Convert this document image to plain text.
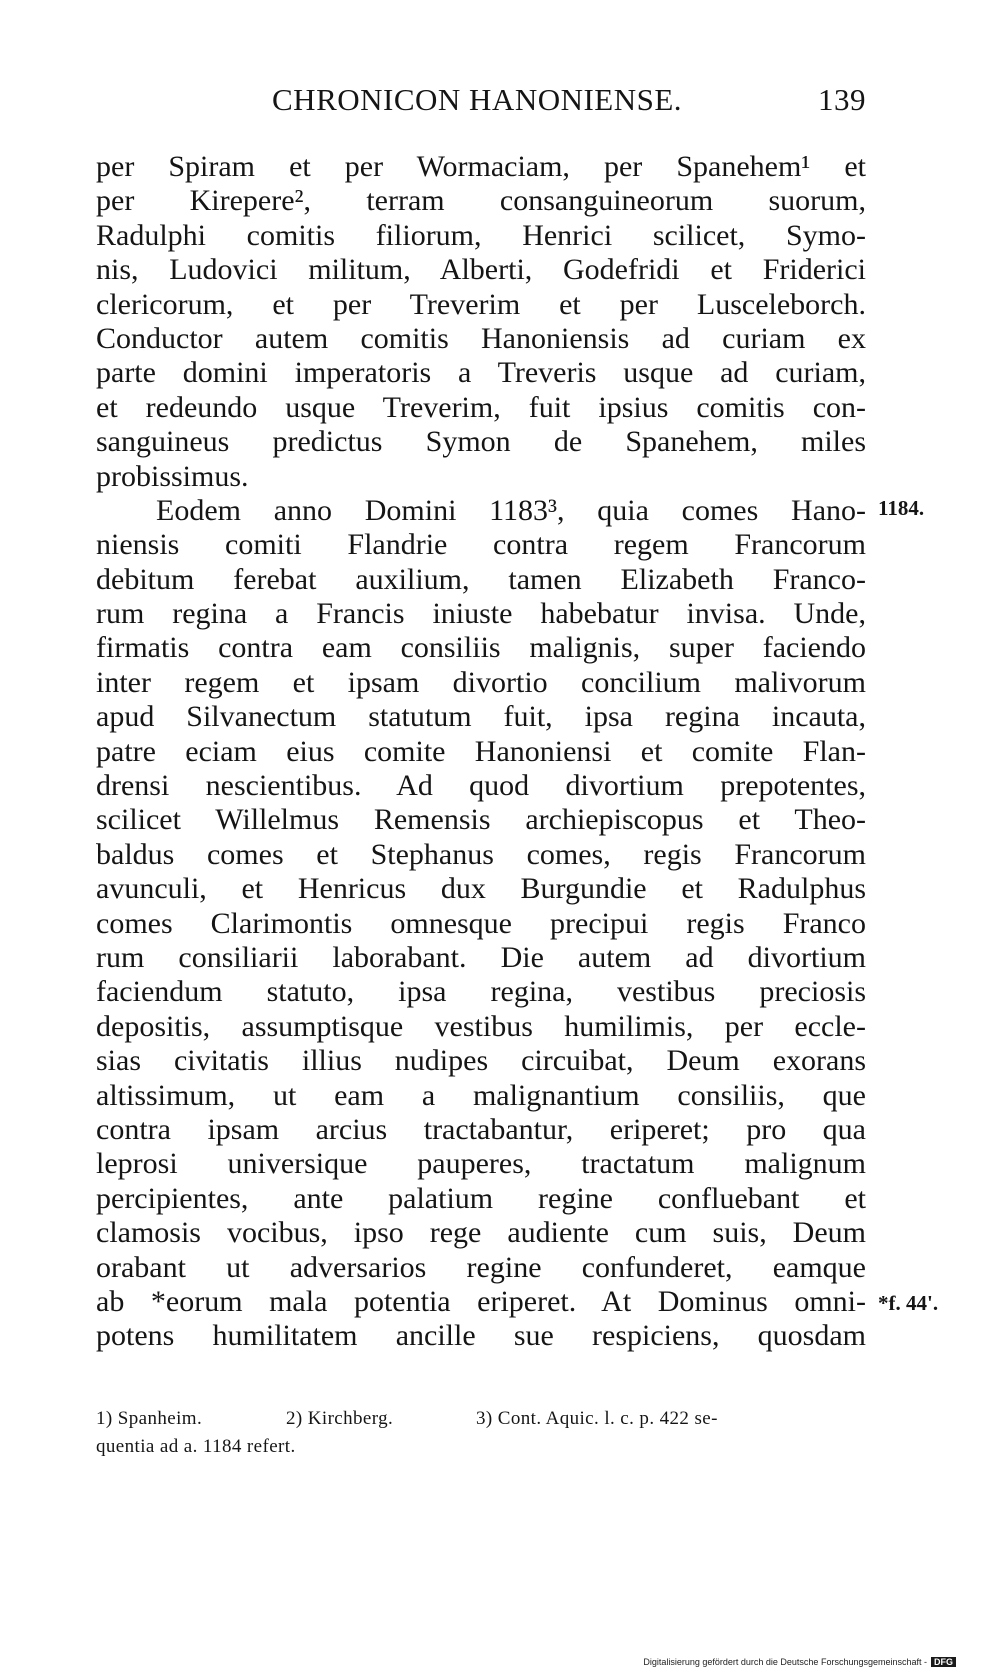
CHRONICON HANONIENSE.	139
per Spiram et per Wormaciam, per Spanehem¹ et
per Kirepere², terram consanguineorum suorum,
Radulphi comitis filiorum, Henrici scilicet, Symo-
nis, Ludovici militum, Alberti, Godefridi et Friderici
clericorum, et per Treverim et per Lusceleborch.
Conductor autem comitis Hanoniensis ad curiam ex
parte domini imperatoris a Treveris usque ad curiam,
et redeundo usque Treverim, fuit ipsius comitis con-
sanguineus predictus Symon de Spanehem, miles
probissimus.
Eodem anno Domini 1183³, quia comes Hano-
niensis comiti Flandrie contra regem Francorum
debitum ferebat auxilium, tamen Elizabeth Franco-
rum regina a Francis iniuste habebatur invisa. Unde,
firmatis contra eam consiliis malignis, super faciendo
inter regem et ipsam divortio concilium malivorum
apud Silvanectum statutum fuit, ipsa regina incauta,
patre eciam eius comite Hanoniensi et comite Flan-
drensi nescientibus. Ad quod divortium prepotentes,
scilicet Willelmus Remensis archiepiscopus et Theo-
baldus comes et Stephanus comes, regis Francorum
avunculi, et Henricus dux Burgundie et Radulphus
comes Clarimontis omnesque precipui regis Franco
rum consiliarii laborabant. Die autem ad divortium
faciendum statuto, ipsa regina, vestibus preciosis
depositis, assumptisque vestibus humilimis, per eccle-
sias civitatis illius nudipes circuibat, Deum exorans
altissimum, ut eam a malignantium consiliis, que
contra ipsam arcius tractabantur, eriperet; pro qua
leprosi universique pauperes, tractatum malignum
percipientes, ante palatium regine confluebant et
clamosis vocibus, ipso rege audiente cum suis, Deum
orabant ut adversarios regine confunderet, eamque
ab *eorum mala potentia eriperet. At Dominus omni-
potens humilitatem ancille sue respiciens, quosdam
1184.
*f. 44'.
1) Spanheim.	2) Kirchberg.	3) Cont. Aquic. l. c. p. 422 se-
quentia ad a. 1184 refert.
Digitalisierung gefördert durch die Deutsche Forschungsgemeinschaft - DFG
